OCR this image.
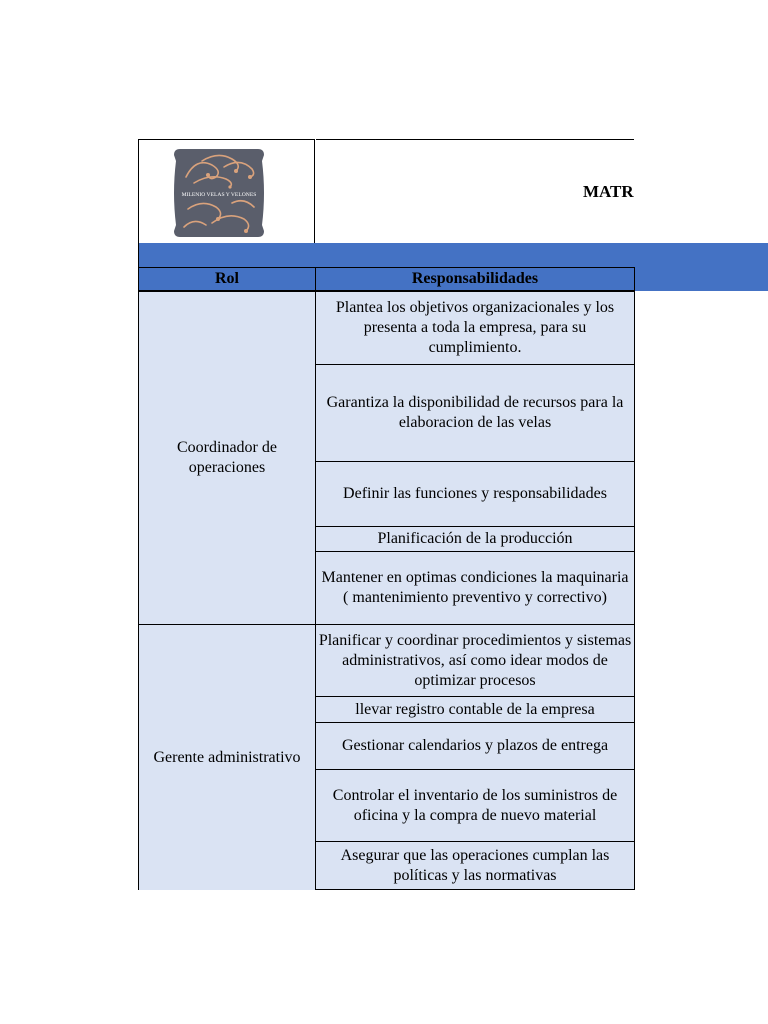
MILENIO VELAS Y VELONES	MATR
Rol	Responsabilidades
Coordinador de operaciones
Plantea los objetivos organizacionales y los presenta a toda la empresa, para su cumplimiento.
Garantiza la disponibilidad de recursos para la elaboracion de las velas
Definir las funciones y responsabilidades
Planificación de la producción
Mantener en optimas condiciones la maquinaria ( mantenimiento preventivo y correctivo)
Gerente administrativo
Planificar y coordinar procedimientos y sistemas administrativos, así como idear modos de optimizar procesos
llevar registro contable de la empresa
Gestionar calendarios y plazos de entrega
Controlar el inventario de los suministros de oficina y la compra de nuevo material
Asegurar que las operaciones cumplan las políticas y las normativas
